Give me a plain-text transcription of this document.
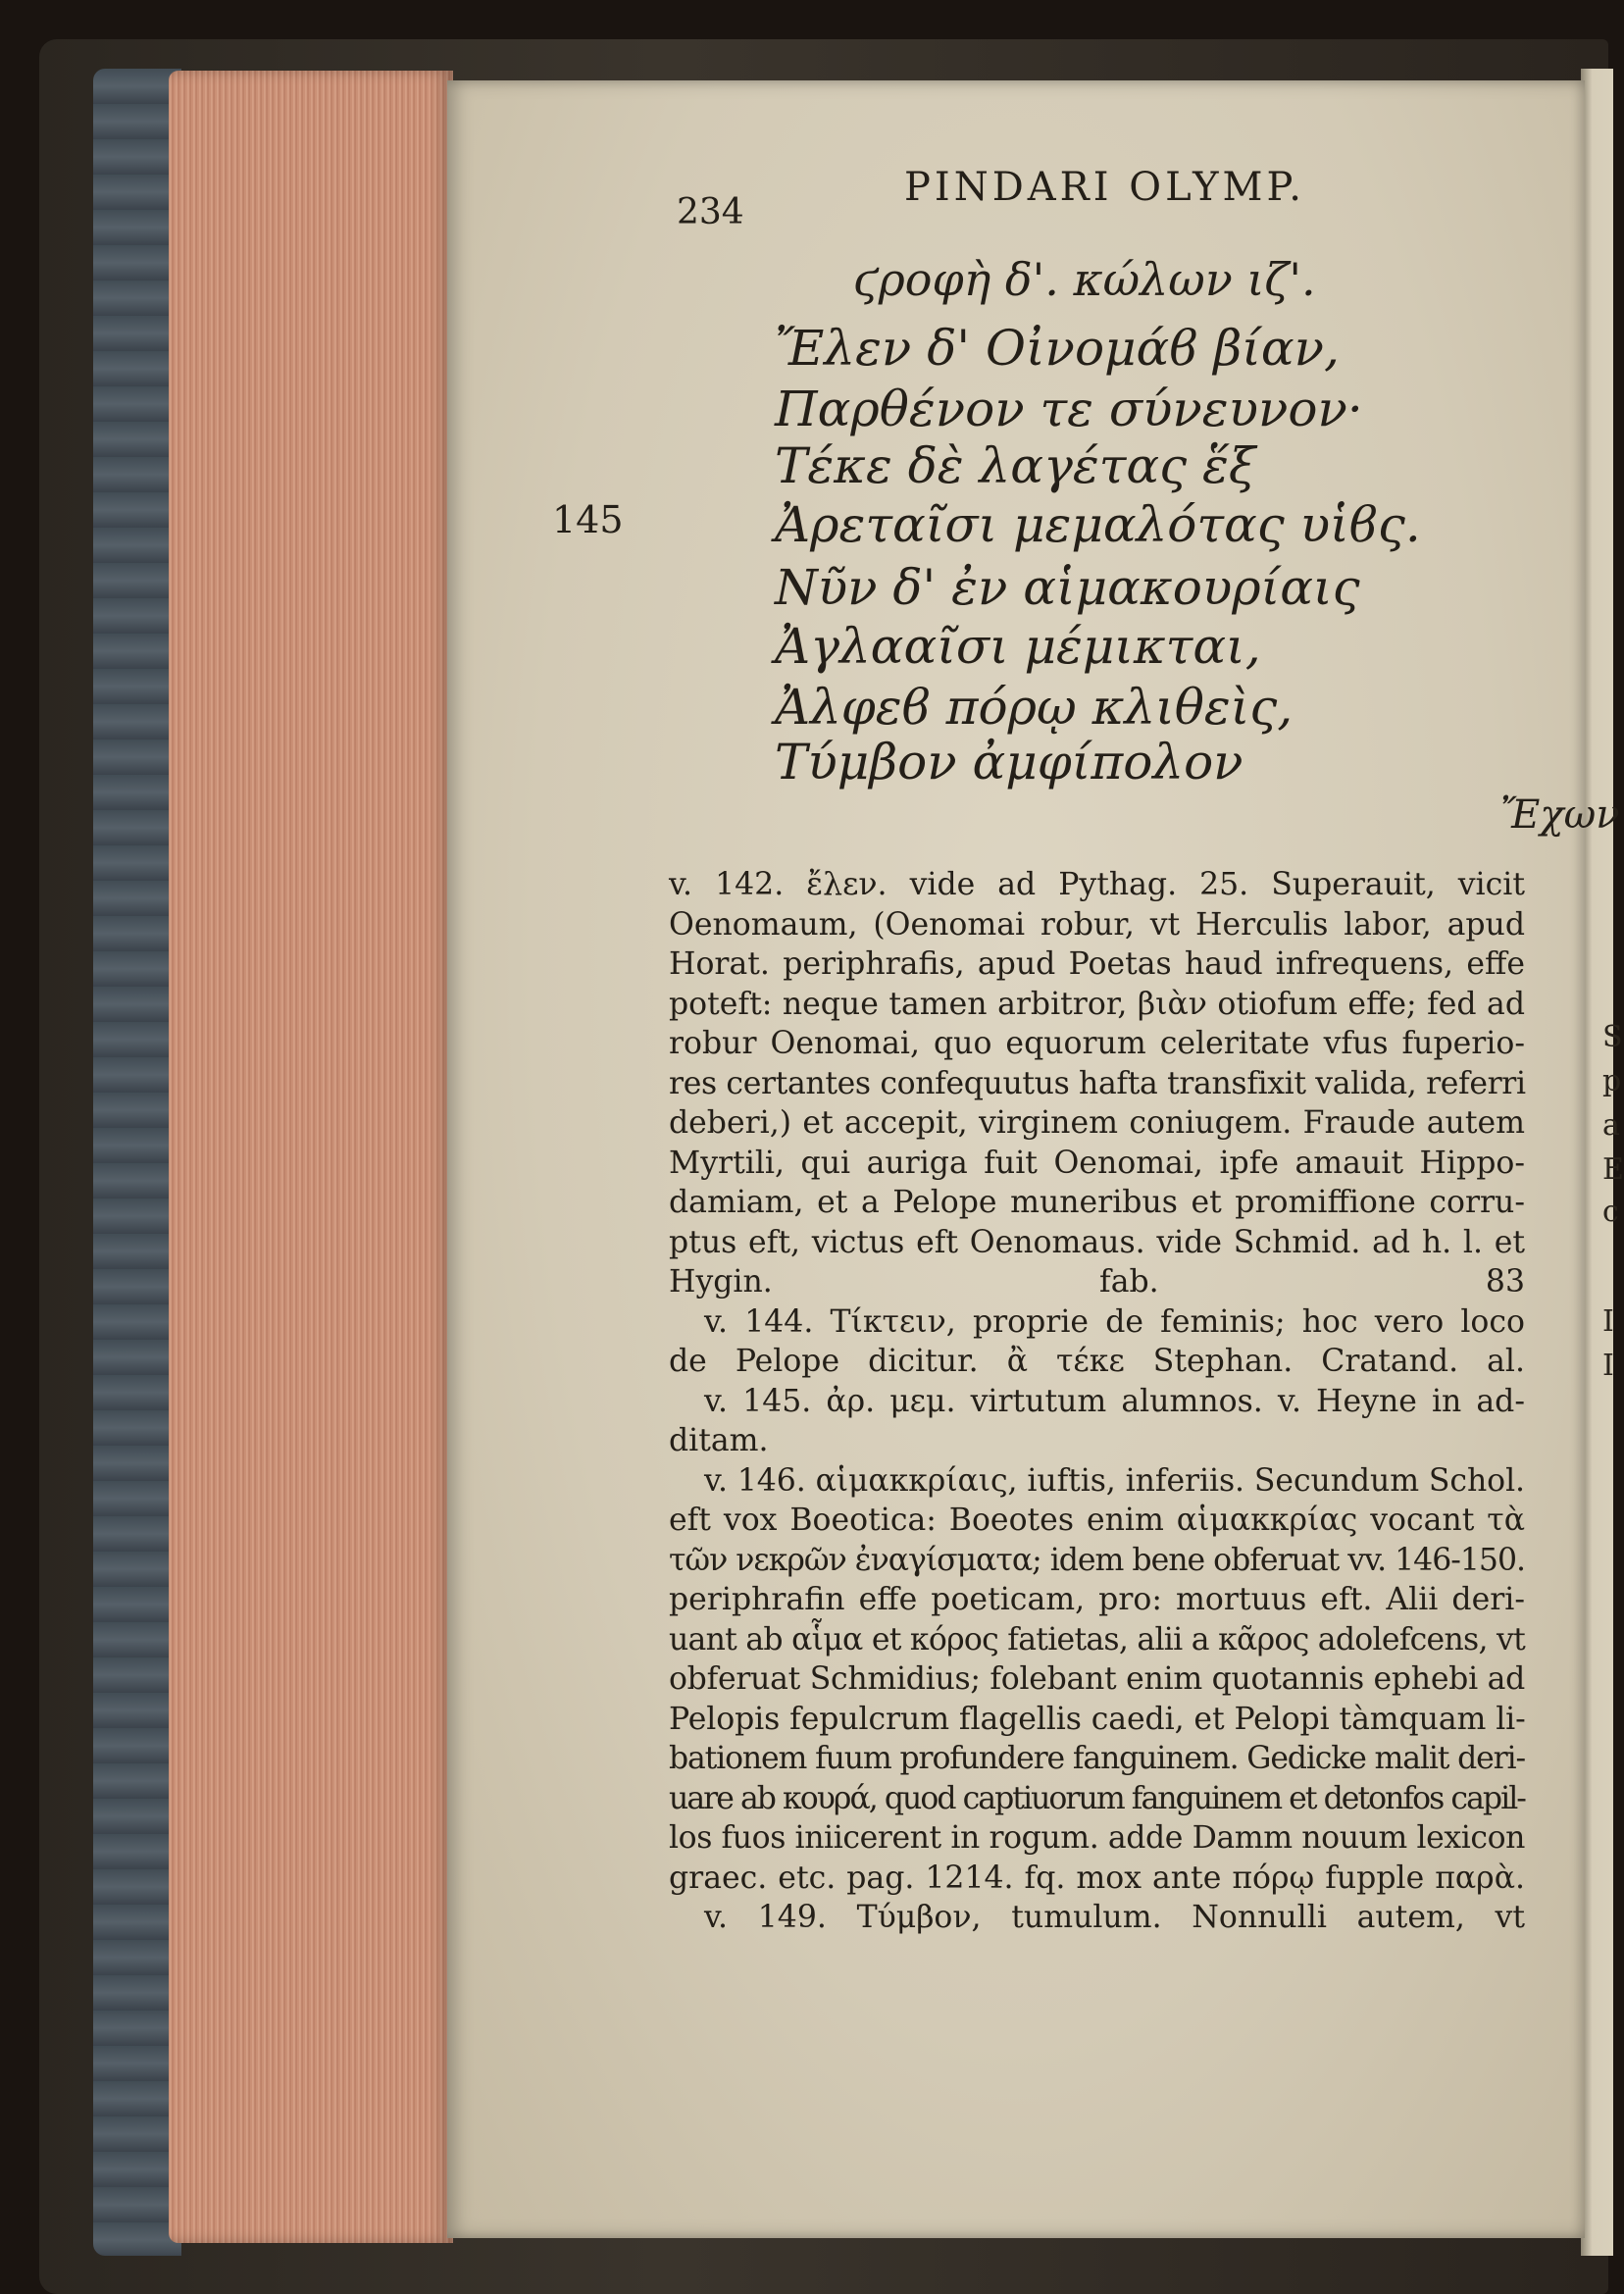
S
p
a
E
c
I
I
234
PINDARI OLYMP.
145
ϛροφὴ δ'. κώλων ιζ'.
Ἔλεν δ' Οἰνομάϐ βίαν,
Παρθένον τε σύνευνον·
Τέκε δὲ λαγέτας ἕξ
Ἀρεταῖσι μεμαλότας υἱϐς.
Νῦν δ' ἐν αἱμακουρίαις
Ἀγλααῖσι μέμικται,
Ἀλφεϐ πόρῳ κλιθεὶς,
Τύμβον ἀμφίπολον
Ἔχων
v. 142. ἔλεν. vide ad Pythag. 25. Superauit, vicit
Oenomaum, (Oenomai robur, vt Herculis labor, apud
Horat. periphrafis, apud Poetas haud infrequens, effe
poteft: neque tamen arbitror, βιὰν otiofum effe; fed ad
robur Oenomai, quo equorum celeritate vfus fuperio-
res certantes confequutus hafta transfixit valida, referri
deberi,) et accepit, virginem coniugem. Fraude autem
Myrtili, qui auriga fuit Oenomai, ipfe amauit Hippo-
damiam, et a Pelope muneribus et promiffione corru-
ptus eft, victus eft Oenomaus. vide Schmid. ad h. l. et
Hygin. fab. 83
v. 144. Τίκτειν, proprie de feminis; hoc vero loco
de Pelope dicitur. ἂ τέκε Stephan. Cratand. al.
v. 145. ἀρ. μεμ. virtutum alumnos. v. Heyne in ad-
ditam.
v. 146. αἱμακκρίαις, iuftis, inferiis. Secundum Schol.
eft vox Boeotica: Boeotes enim αἱμακκρίας vocant τὰ
τῶν νεκρῶν ἐναγίσματα; idem bene obferuat vv. 146-150.
periphrafin effe poeticam, pro: mortuus eft. Alii deri-
uant ab αἷμα et κόρος fatietas, alii a κᾶρος adolefcens, vt
obferuat Schmidius; folebant enim quotannis ephebi ad
Pelopis fepulcrum flagellis caedi, et Pelopi tàmquam li-
bationem fuum profundere fanguinem. Gedicke malit deri-
uare ab κουρά, quod captiuorum fanguinem et detonfos capil-
los fuos iniicerent in rogum. adde Damm nouum lexicon
graec. etc. pag. 1214. fq. mox ante πόρῳ fupple παρὰ.
v. 149. Τύμβον, tumulum. Nonnulli autem, vt
